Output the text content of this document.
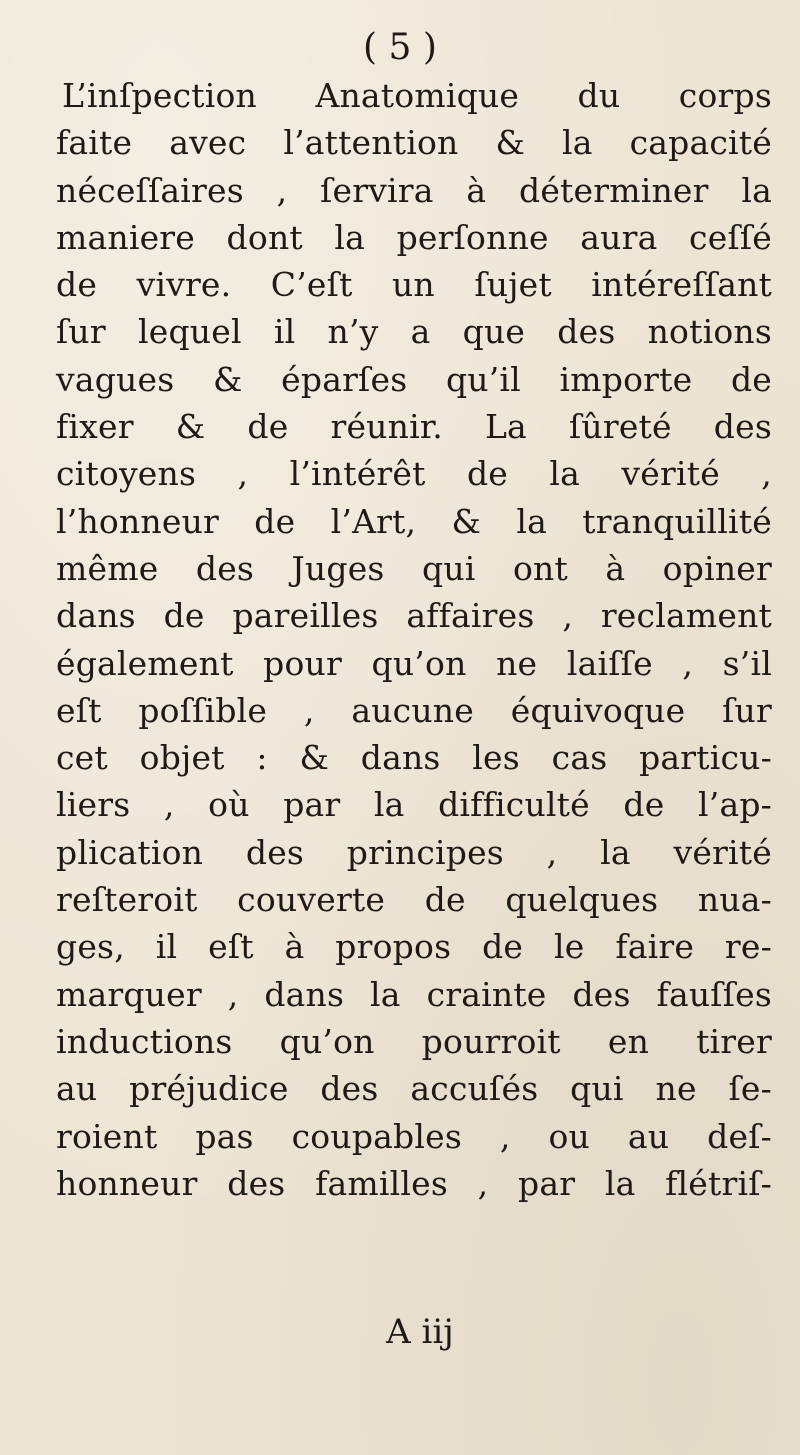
( 5 )
L’inſpection Anatomique du corps
faite avec l’attention & la capacité
néceſſaires , ſervira à déterminer la
maniere dont la perſonne aura ceſſé
de vivre. C’eſt un ſujet intéreſſant
ſur lequel il n’y a que des notions
vagues & éparſes qu’il importe de
fixer & de réunir. La ſûreté des
citoyens , l’intérêt de la vérité ,
l’honneur de l’Art, & la tranquillité
même des Juges qui ont à opiner
dans de pareilles affaires , reclament
également pour qu’on ne laiſſe , s’il
eſt poſſible , aucune équivoque ſur
cet objet : & dans les cas particu-
liers , où par la difficulté de l’ap-
plication des principes , la vérité
reſteroit couverte de quelques nua-
ges, il eſt à propos de le faire re-
marquer , dans la crainte des fauſſes
inductions qu’on pourroit en tirer
au préjudice des accuſés qui ne ſe-
roient pas coupables , ou au deſ-
honneur des familles , par la flétriſ-
A iij
